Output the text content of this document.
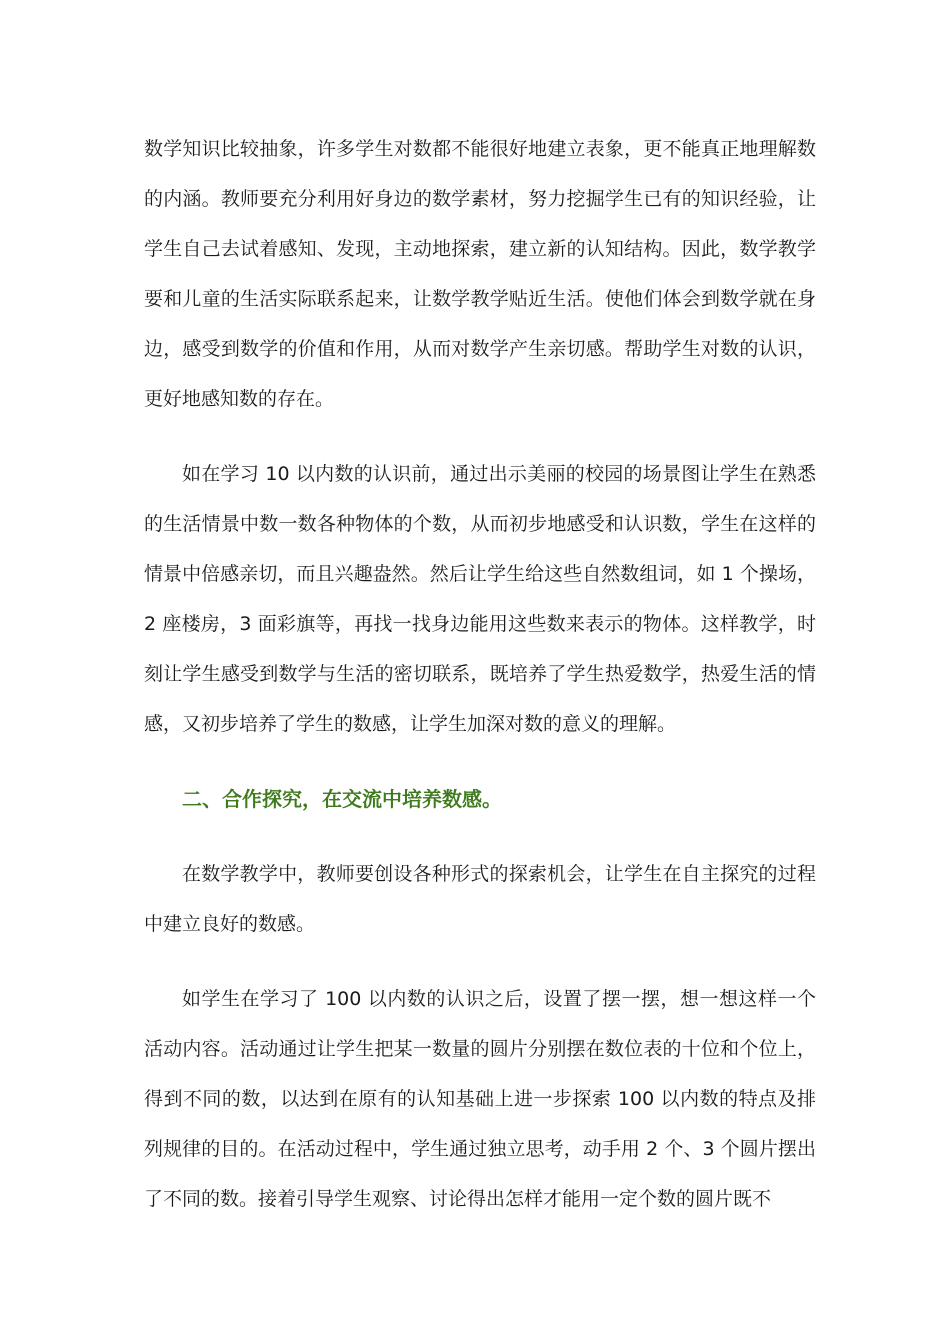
数学知识比较抽象，许多学生对数都不能很好地建立表象，更不能真正地理解数的内涵。教师要充分利用好身边的数学素材，努力挖掘学生已有的知识经验，让学生自己去试着感知、发现，主动地探索，建立新的认知结构。因此，数学教学要和儿童的生活实际联系起来，让数学教学贴近生活。使他们体会到数学就在身边，感受到数学的价值和作用，从而对数学产生亲切感。帮助学生对数的认识，更好地感知数的存在。

如在学习 10 以内数的认识前，通过出示美丽的校园的场景图让学生在熟悉的生活情景中数一数各种物体的个数，从而初步地感受和认识数，学生在这样的情景中倍感亲切，而且兴趣盎然。然后让学生给这些自然数组词，如 1 个操场，2 座楼房，3 面彩旗等，再找一找身边能用这些数来表示的物体。这样教学，时刻让学生感受到数学与生活的密切联系，既培养了学生热爱数学，热爱生活的情感，又初步培养了学生的数感，让学生加深对数的意义的理解。

二、合作探究，在交流中培养数感。

在数学教学中，教师要创设各种形式的探索机会，让学生在自主探究的过程中建立良好的数感。

如学生在学习了 100 以内数的认识之后，设置了摆一摆，想一想这样一个活动内容。活动通过让学生把某一数量的圆片分别摆在数位表的十位和个位上，得到不同的数，以达到在原有的认知基础上进一步探索 100 以内数的特点及排列规律的目的。在活动过程中，学生通过独立思考，动手用 2 个、3 个圆片摆出了不同的数。接着引导学生观察、讨论得出怎样才能用一定个数的圆片既不
